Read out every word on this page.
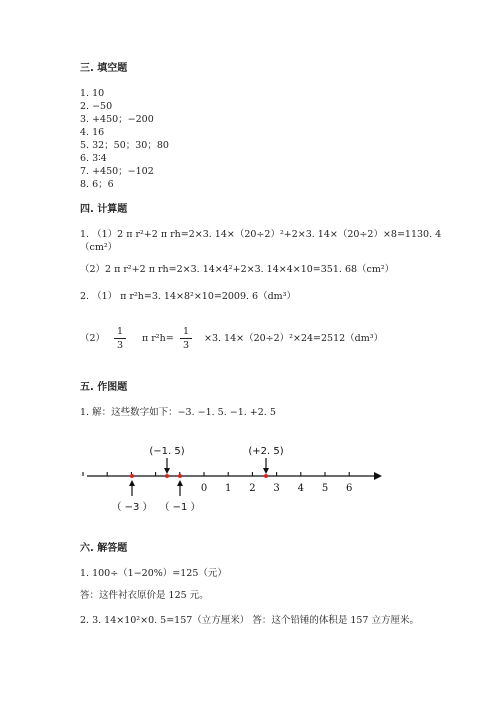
三. 填空题
1. 10
2. −50
3. +450；−200
4. 16
5. 32；50；30；80
6. 3∶4
7. +450；−102
8. 6；6
四. 计算题
1. （1）2 π r²+2 π rh=2×3. 14×（20÷2）²+2×3. 14×（20÷2）×8=1130. 4
（cm²）
（2）2 π r²+2 π rh=2×3. 14×4²+2×3. 14×4×10=351. 68（cm²）
2. （1） π r²h=3. 14×8²×10=2009. 6（dm³）
（2）
1
3
π r²h=
1
3
×3. 14×（20÷2）²×24=2512（dm³）
五. 作图题
1. 解：这些数字如下：−3. −1. 5. −1. +2. 5
0 1 2 3 4 5 6
(−1. 5)	(+2. 5)
（ −3 ） （ −1 ）
六. 解答题
1. 100÷（1−20%）=125（元）
答：这件衬衣原价是 125 元。
2. 3. 14×10²×0. 5=157（立方厘米） 答：这个铅锤的体积是 157 立方厘米。
